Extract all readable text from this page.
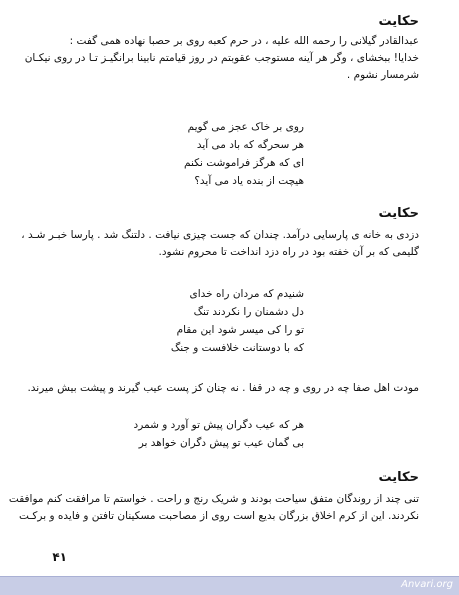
حکایت
عبدالقادر گیلانی را رحمه الله علیه ، در حرم کعبه روی بر حصبا نهاده همی گفت :
خدایا! ببخشای ، وگر هر آینه مستوجب عقوبتم در روز قیامتم نابینا برانگیـز تـا در روی نیکـان
شرمسار نشوم .
روی بر خاک عجز می گویم
هر سحرگه که باد می آید
ای که هرگز فراموشت نکنم
هیچت از بنده یاد می آید؟
حکایت
دزدی به خانه ی پارسایی درآمد. چندان که جست چیزی نیافت . دلتنگ شد . پارسا خبـر شـد ،
گلیمی که بر آن خفته بود در راه دزد انداخت تا محروم نشود.
شنیدم که مردان راه خدای
دل دشمنان را نکردند تنگ
تو را کی میسر شود این مقام
که با دوستانت خلافست و جنگ
مودت اهل صفا چه در روی و چه در قفا . نه چنان کز پست عیب گیرند و پیشت بیش میرند.
هر که عیب دگران پیش تو آورد و شمرد
بی گمان عیب تو پیش دگران خواهد بر
حکایت
تنی چند از روندگان متفق سیاحت بودند و شریک رنج و راحت . خواستم تا مرافقت کنم موافقت
نکردند. این از کرم اخلاق بزرگان بدیع است روی از مصاحبت مسکینان تافتن و فایده و برکـت
۴۱
Anvari.org
